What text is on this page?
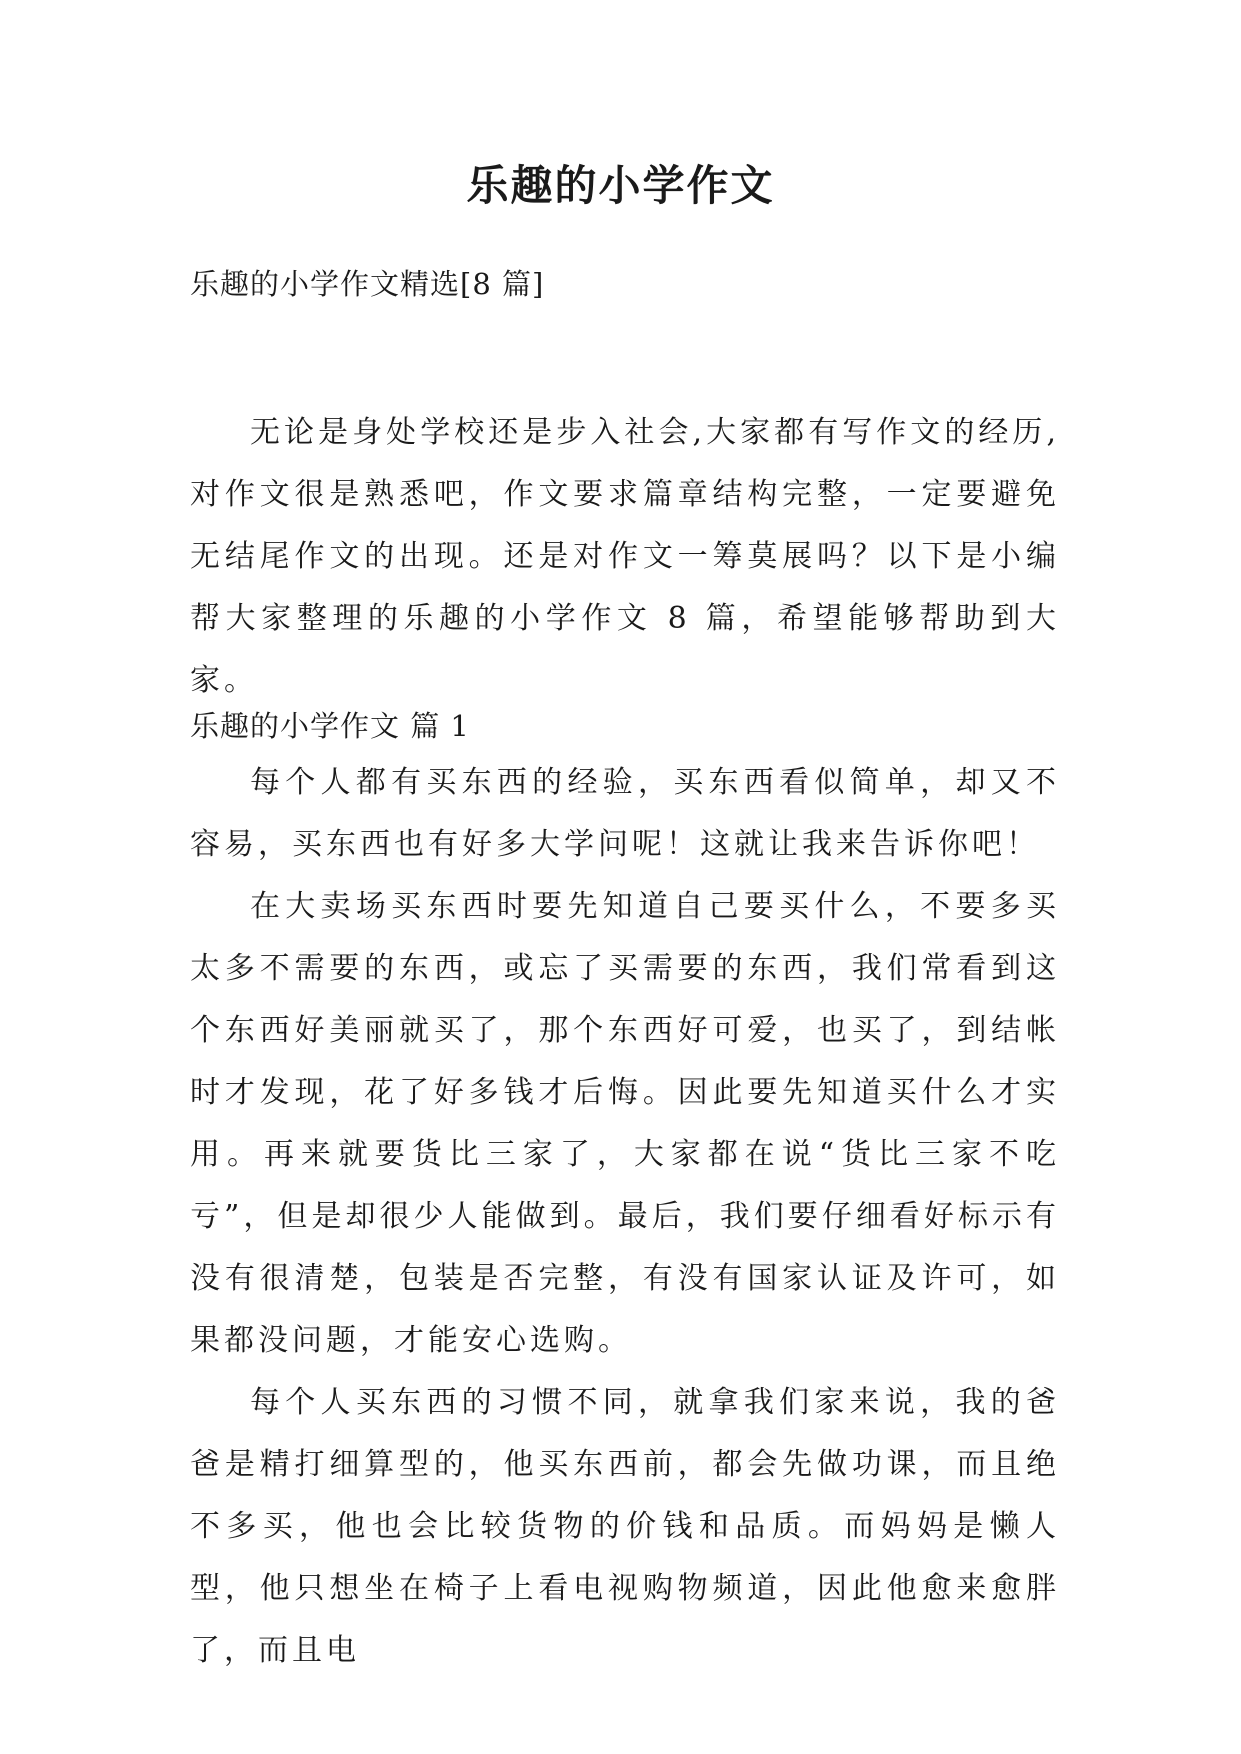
乐趣的小学作文
乐趣的小学作文精选[8 篇]

无论是身处学校还是步入社会,大家都有写作文的经历,对作文很是熟悉吧，作文要求篇章结构完整，一定要避免无结尾作文的出现。还是对作文一筹莫展吗？以下是小编帮大家整理的乐趣的小学作文 8 篇，希望能够帮助到大家。

乐趣的小学作文 篇 1

每个人都有买东西的经验，买东西看似简单，却又不容易，买东西也有好多大学问呢！这就让我来告诉你吧！

在大卖场买东西时要先知道自己要买什么，不要多买太多不需要的东西，或忘了买需要的东西，我们常看到这个东西好美丽就买了，那个东西好可爱，也买了，到结帐时才发现，花了好多钱才后悔。因此要先知道买什么才实用。再来就要货比三家了，大家都在说“货比三家不吃亏”，但是却很少人能做到。最后，我们要仔细看好标示有没有很清楚，包装是否完整，有没有国家认证及许可，如果都没问题，才能安心选购。

每个人买东西的习惯不同，就拿我们家来说，我的爸爸是精打细算型的，他买东西前，都会先做功课，而且绝不多买，他也会比较货物的价钱和品质。而妈妈是懒人型，他只想坐在椅子上看电视购物频道，因此他愈来愈胖了，而且电
